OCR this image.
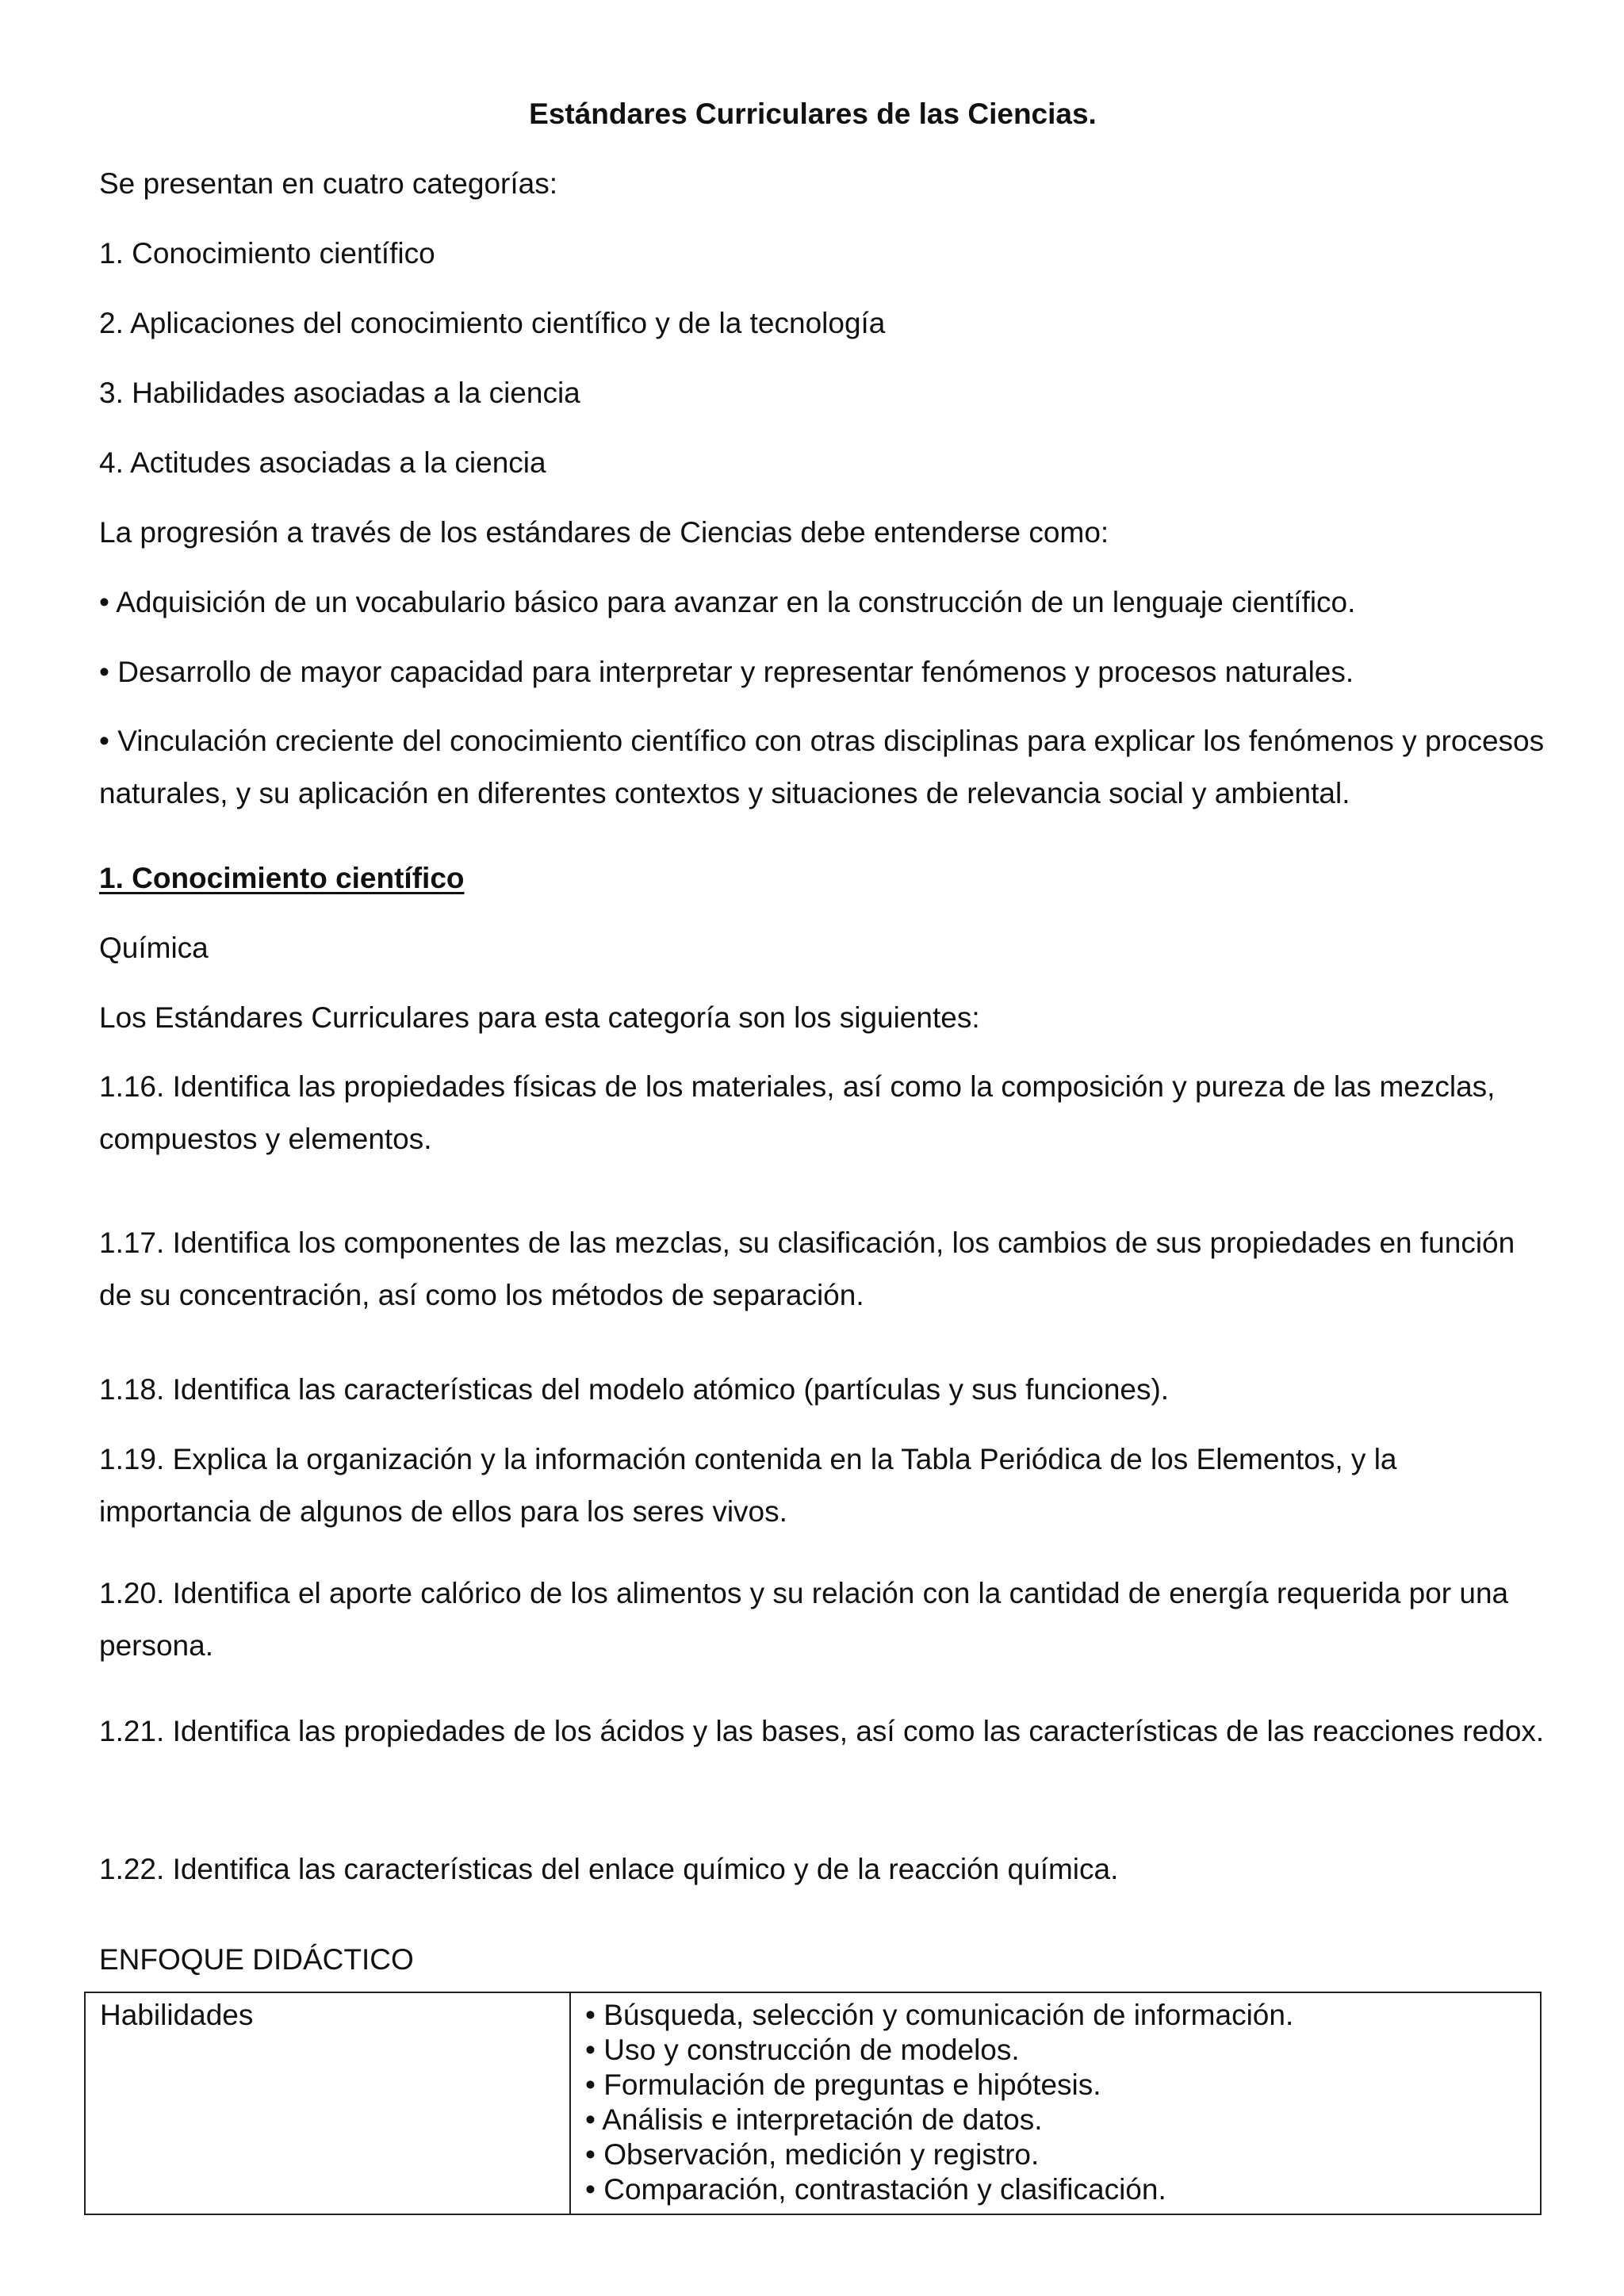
Estándares Curriculares de las Ciencias.
Se presentan en cuatro categorías:
1. Conocimiento científico
2. Aplicaciones del conocimiento científico y de la tecnología
3. Habilidades asociadas a la ciencia
4. Actitudes asociadas a la ciencia
La progresión a través de los estándares de Ciencias debe entenderse como:
• Adquisición de un vocabulario básico para avanzar en la construcción de un lenguaje científico.
• Desarrollo de mayor capacidad para interpretar y representar fenómenos y procesos naturales.
• Vinculación creciente del conocimiento científico con otras disciplinas para explicar los fenómenos y procesos naturales, y su aplicación en diferentes contextos y situaciones de relevancia social y ambiental.
1. Conocimiento científico
Química
Los Estándares Curriculares para esta categoría son los siguientes:
1.16. Identifica las propiedades físicas de los materiales, así como la composición y pureza de las mezclas, compuestos y elementos.
1.17. Identifica los componentes de las mezclas, su clasificación, los cambios de sus propiedades en función de su concentración, así como los métodos de separación.
1.18. Identifica las características del modelo atómico (partículas y sus funciones).
1.19. Explica la organización y la información contenida en la Tabla Periódica de los Elementos, y la importancia de algunos de ellos para los seres vivos.
1.20. Identifica el aporte calórico de los alimentos y su relación con la cantidad de energía requerida por una persona.
1.21. Identifica las propiedades de los ácidos y las bases, así como las características de las reacciones redox.
1.22. Identifica las características del enlace químico y de la reacción química.
ENFOQUE DIDÁCTICO
Habilidades	• Búsqueda, selección y comunicación de información.
• Uso y construcción de modelos.
• Formulación de preguntas e hipótesis.
• Análisis e interpretación de datos.
• Observación, medición y registro.
• Comparación, contrastación y clasificación.
